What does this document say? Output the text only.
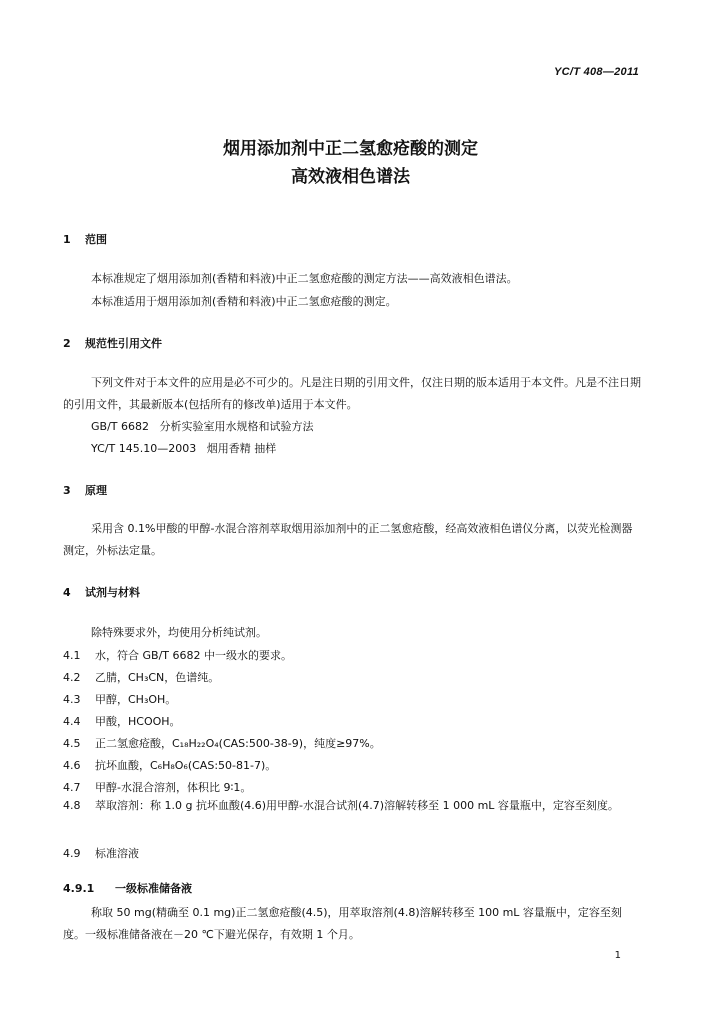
YC/T 408—2011
烟用添加剂中正二氢愈疮酸的测定
高效液相色谱法
1 范围
本标准规定了烟用添加剂(香精和料液)中正二氢愈疮酸的测定方法——高效液相色谱法。
本标准适用于烟用添加剂(香精和料液)中正二氢愈疮酸的测定。
2 规范性引用文件
下列文件对于本文件的应用是必不可少的。凡是注日期的引用文件，仅注日期的版本适用于本文件。凡是不注日期的引用文件，其最新版本(包括所有的修改单)适用于本文件。
GB/T 6682 分析实验室用水规格和试验方法
YC/T 145.10—2003 烟用香精 抽样
3 原理
采用含 0.1%甲酸的甲醇-水混合溶剂萃取烟用添加剂中的正二氢愈疮酸，经高效液相色谱仪分离，以荧光检测器测定，外标法定量。
4 试剂与材料
除特殊要求外，均使用分析纯试剂。
4.1 水，符合 GB/T 6682 中一级水的要求。
4.2 乙腈，CH₃CN，色谱纯。
4.3 甲醇，CH₃OH。
4.4 甲酸，HCOOH。
4.5 正二氢愈疮酸，C₁₈H₂₂O₄(CAS:500-38-9)，纯度≥97%。
4.6 抗坏血酸，C₆H₈O₆(CAS:50-81-7)。
4.7 甲醇-水混合溶剂，体积比 9∶1。
4.8 萃取溶剂：称 1.0 g 抗坏血酸(4.6)用甲醇-水混合试剂(4.7)溶解转移至 1 000 mL 容量瓶中，定容至刻度。
4.9 标准溶液
4.9.1 一级标准储备液
称取 50 mg(精确至 0.1 mg)正二氢愈疮酸(4.5)，用萃取溶剂(4.8)溶解转移至 100 mL 容量瓶中，定容至刻度。一级标准储备液在－20 ℃下避光保存，有效期 1 个月。
1
